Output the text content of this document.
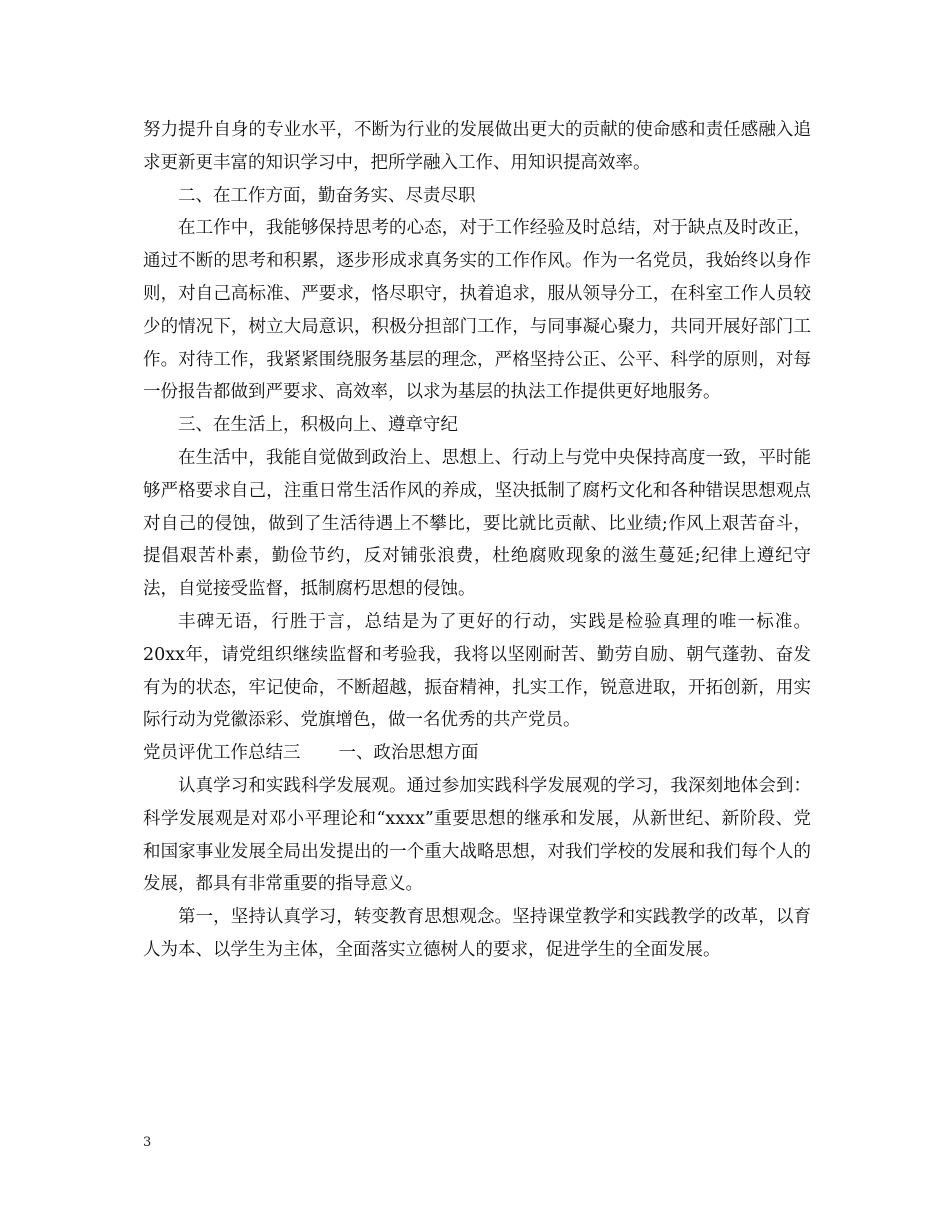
努力提升自身的专业水平，不断为行业的发展做出更大的贡献的使命感和责任感融入追求更新更丰富的知识学习中，把所学融入工作、用知识提高效率。

二、在工作方面，勤奋务实、尽责尽职

在工作中，我能够保持思考的心态，对于工作经验及时总结，对于缺点及时改正，通过不断的思考和积累，逐步形成求真务实的工作作风。作为一名党员，我始终以身作则，对自己高标准、严要求，恪尽职守，执着追求，服从领导分工，在科室工作人员较少的情况下，树立大局意识，积极分担部门工作，与同事凝心聚力，共同开展好部门工作。对待工作，我紧紧围绕服务基层的理念，严格坚持公正、公平、科学的原则，对每一份报告都做到严要求、高效率，以求为基层的执法工作提供更好地服务。

三、在生活上，积极向上、遵章守纪

在生活中，我能自觉做到政治上、思想上、行动上与党中央保持高度一致，平时能够严格要求自己，注重日常生活作风的养成，坚决抵制了腐朽文化和各种错误思想观点对自己的侵蚀，做到了生活待遇上不攀比，要比就比贡献、比业绩;作风上艰苦奋斗，提倡艰苦朴素，勤俭节约，反对铺张浪费，杜绝腐败现象的滋生蔓延;纪律上遵纪守法，自觉接受监督，抵制腐朽思想的侵蚀。

丰碑无语，行胜于言，总结是为了更好的行动，实践是检验真理的唯一标准。20xx年，请党组织继续监督和考验我，我将以坚刚耐苦、勤劳自励、朝气蓬勃、奋发有为的状态，牢记使命，不断超越，振奋精神，扎实工作，锐意进取，开拓创新，用实际行动为党徽添彩、党旗增色，做一名优秀的共产党员。

党员评优工作总结三 一、政治思想方面

认真学习和实践科学发展观。通过参加实践科学发展观的学习，我深刻地体会到：科学发展观是对邓小平理论和“xxxx”重要思想的继承和发展，从新世纪、新阶段、党和国家事业发展全局出发提出的一个重大战略思想，对我们学校的发展和我们每个人的发展，都具有非常重要的指导意义。

第一，坚持认真学习，转变教育思想观念。坚持课堂教学和实践教学的改革，以育人为本、以学生为主体，全面落实立德树人的要求，促进学生的全面发展。

3
